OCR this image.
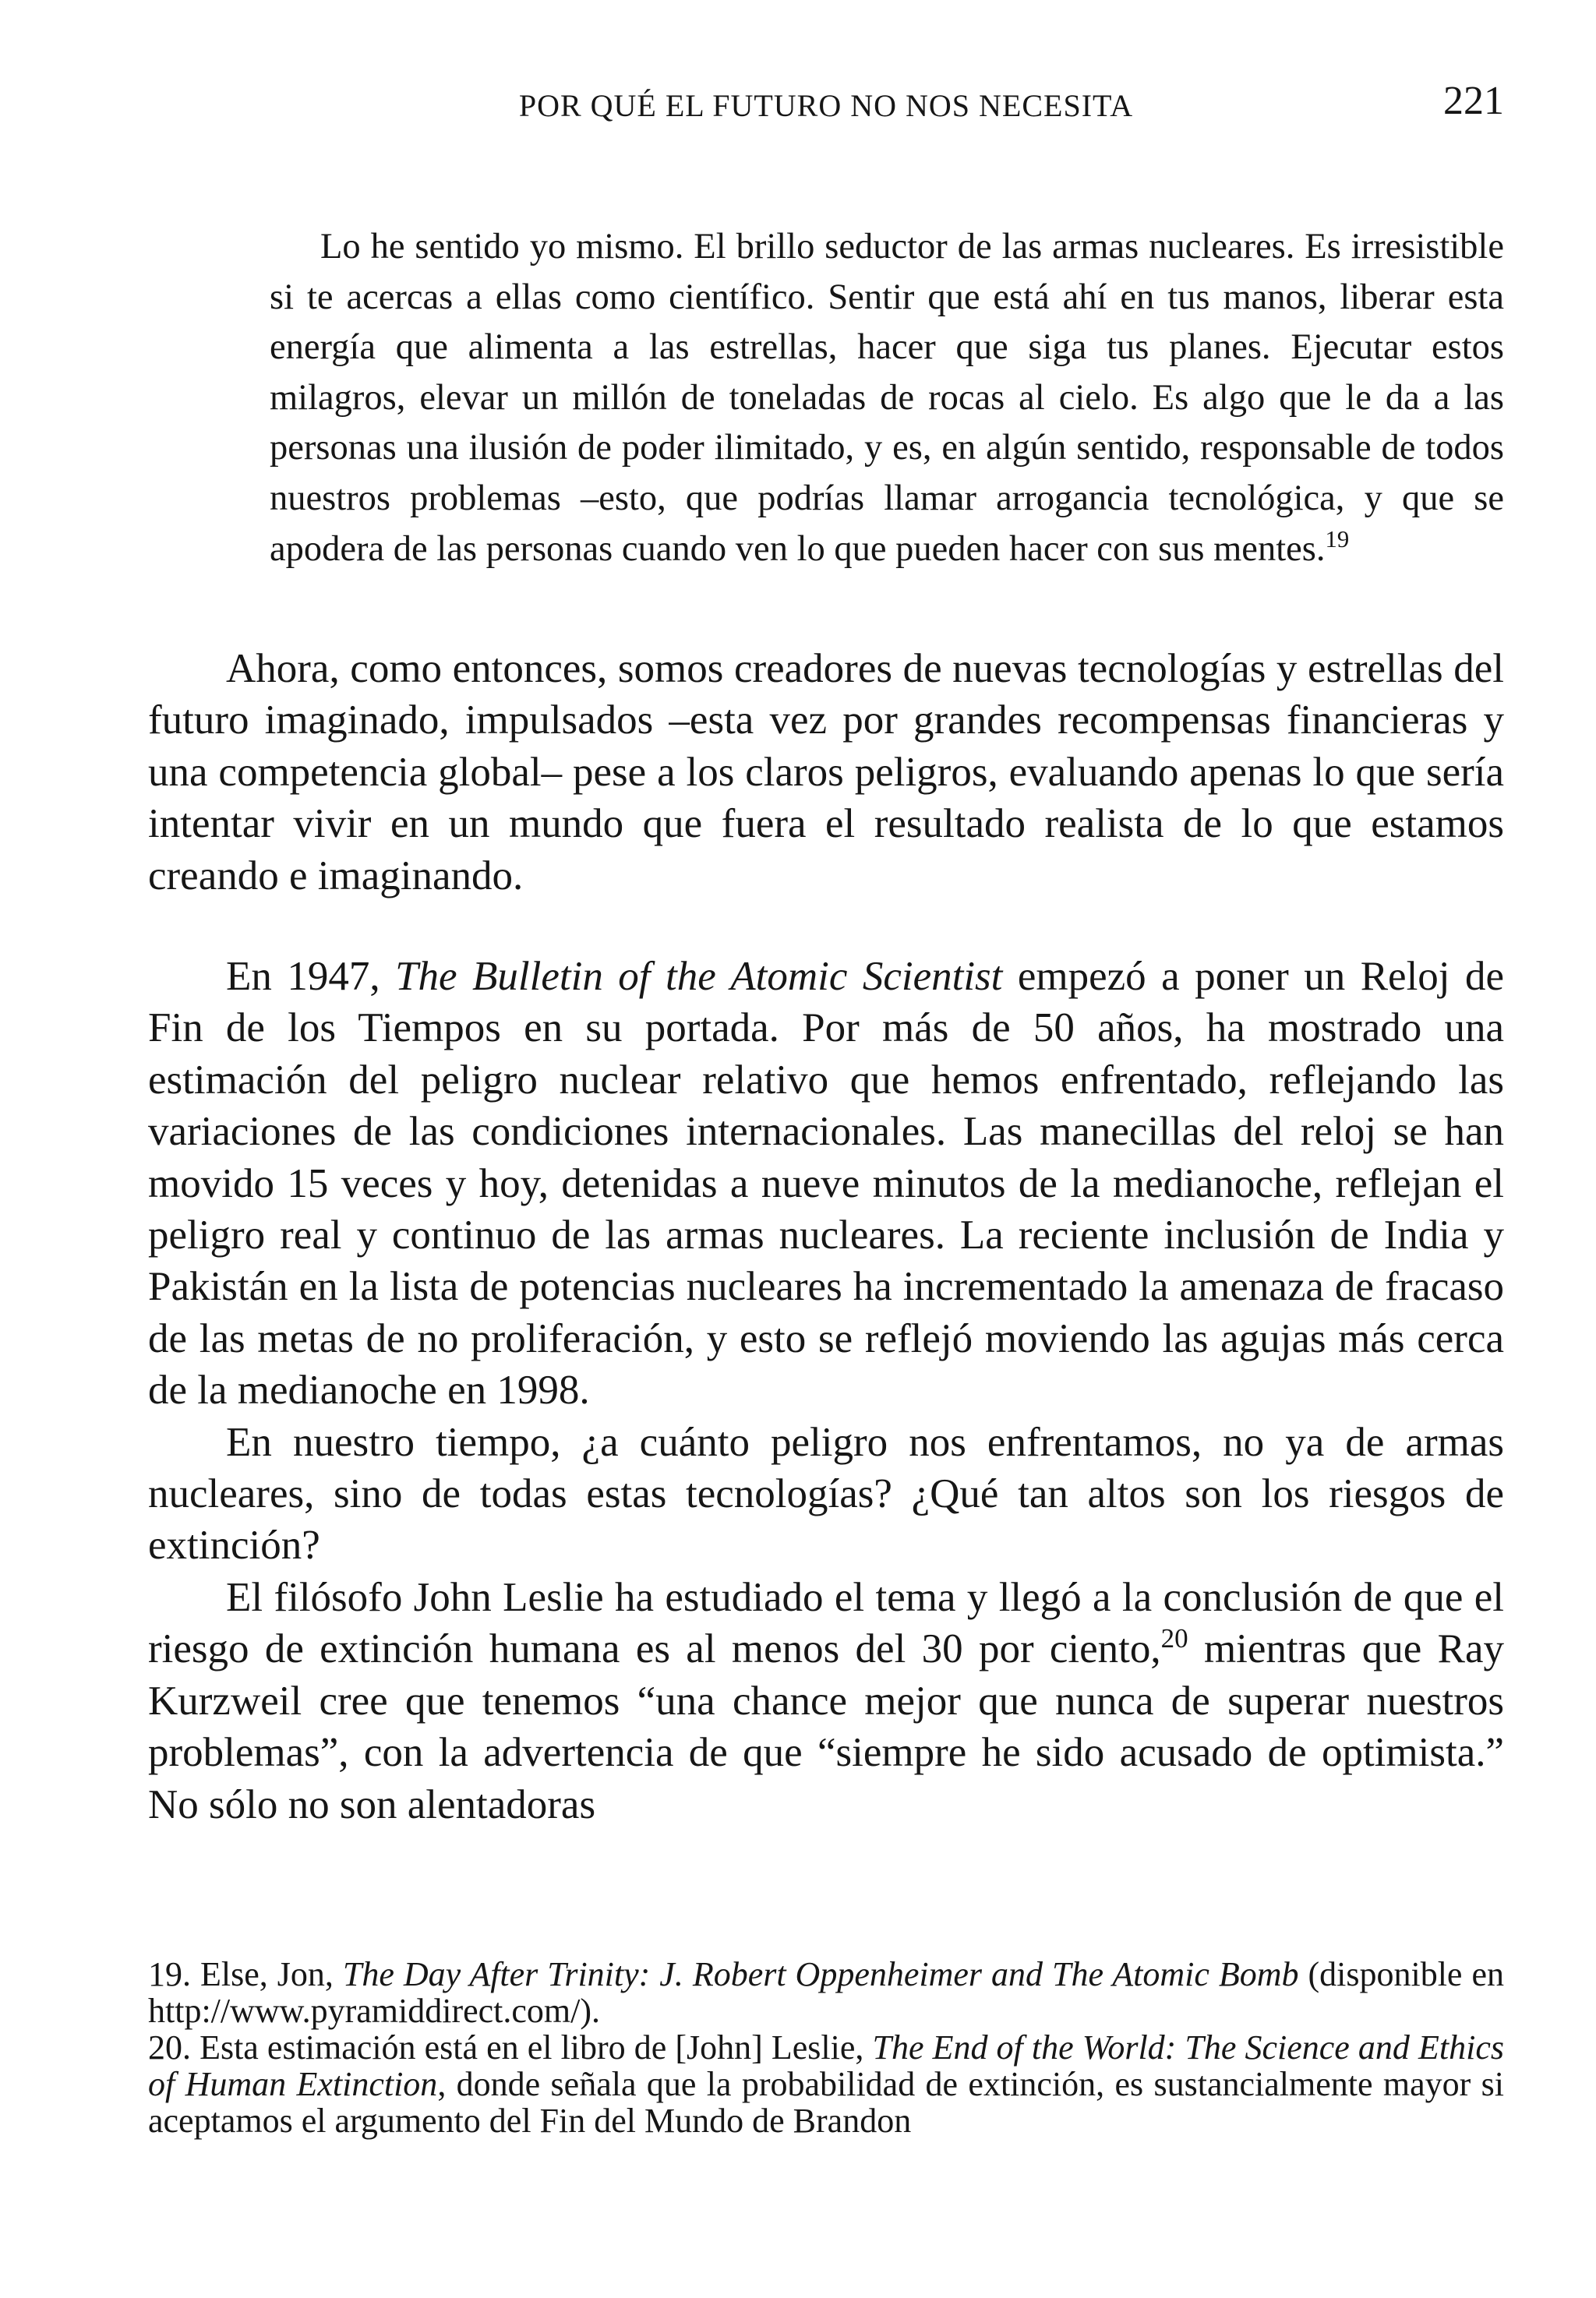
POR QUÉ EL FUTURO NO NOS NECESITA	221

Lo he sentido yo mismo. El brillo seductor de las armas nucleares. Es irresistible si te acercas a ellas como científico. Sentir que está ahí en tus manos, liberar esta energía que alimenta a las estrellas, hacer que siga tus planes. Ejecutar estos milagros, elevar un millón de toneladas de rocas al cielo. Es algo que le da a las personas una ilusión de poder ilimitado, y es, en algún sentido, responsable de todos nuestros problemas –esto, que podrías llamar arrogancia tecnológica, y que se apodera de las personas cuando ven lo que pueden hacer con sus mentes.$^{19}$

Ahora, como entonces, somos creadores de nuevas tecnologías y estrellas del futuro imaginado, impulsados –esta vez por grandes recompensas financieras y una competencia global– pese a los claros peligros, evaluando apenas lo que sería intentar vivir en un mundo que fuera el resultado realista de lo que estamos creando e imaginando.

En 1947, The Bulletin of the Atomic Scientist empezó a poner un Reloj de Fin de los Tiempos en su portada. Por más de 50 años, ha mostrado una estimación del peligro nuclear relativo que hemos enfrentado, reflejando las variaciones de las condiciones internacionales. Las manecillas del reloj se han movido 15 veces y hoy, detenidas a nueve minutos de la medianoche, reflejan el peligro real y continuo de las armas nucleares. La reciente inclusión de India y Pakistán en la lista de potencias nucleares ha incrementado la amenaza de fracaso de las metas de no proliferación, y esto se reflejó moviendo las agujas más cerca de la medianoche en 1998.

En nuestro tiempo, ¿a cuánto peligro nos enfrentamos, no ya de armas nucleares, sino de todas estas tecnologías? ¿Qué tan altos son los riesgos de extinción?

El filósofo John Leslie ha estudiado el tema y llegó a la conclusión de que el riesgo de extinción humana es al menos del 30 por ciento,$^{20}$ mientras que Ray Kurzweil cree que tenemos “una chance mejor que nunca de superar nuestros problemas”, con la advertencia de que “siempre he sido acusado de optimista.” No sólo no son alentadoras

19. Else, Jon, The Day After Trinity: J. Robert Oppenheimer and The Atomic Bomb (disponible en http://www.pyramiddirect.com/).

20. Esta estimación está en el libro de [John] Leslie, The End of the World: The Science and Ethics of Human Extinction, donde señala que la probabilidad de extinción, es sustancialmente mayor si aceptamos el argumento del Fin del Mundo de Brandon
